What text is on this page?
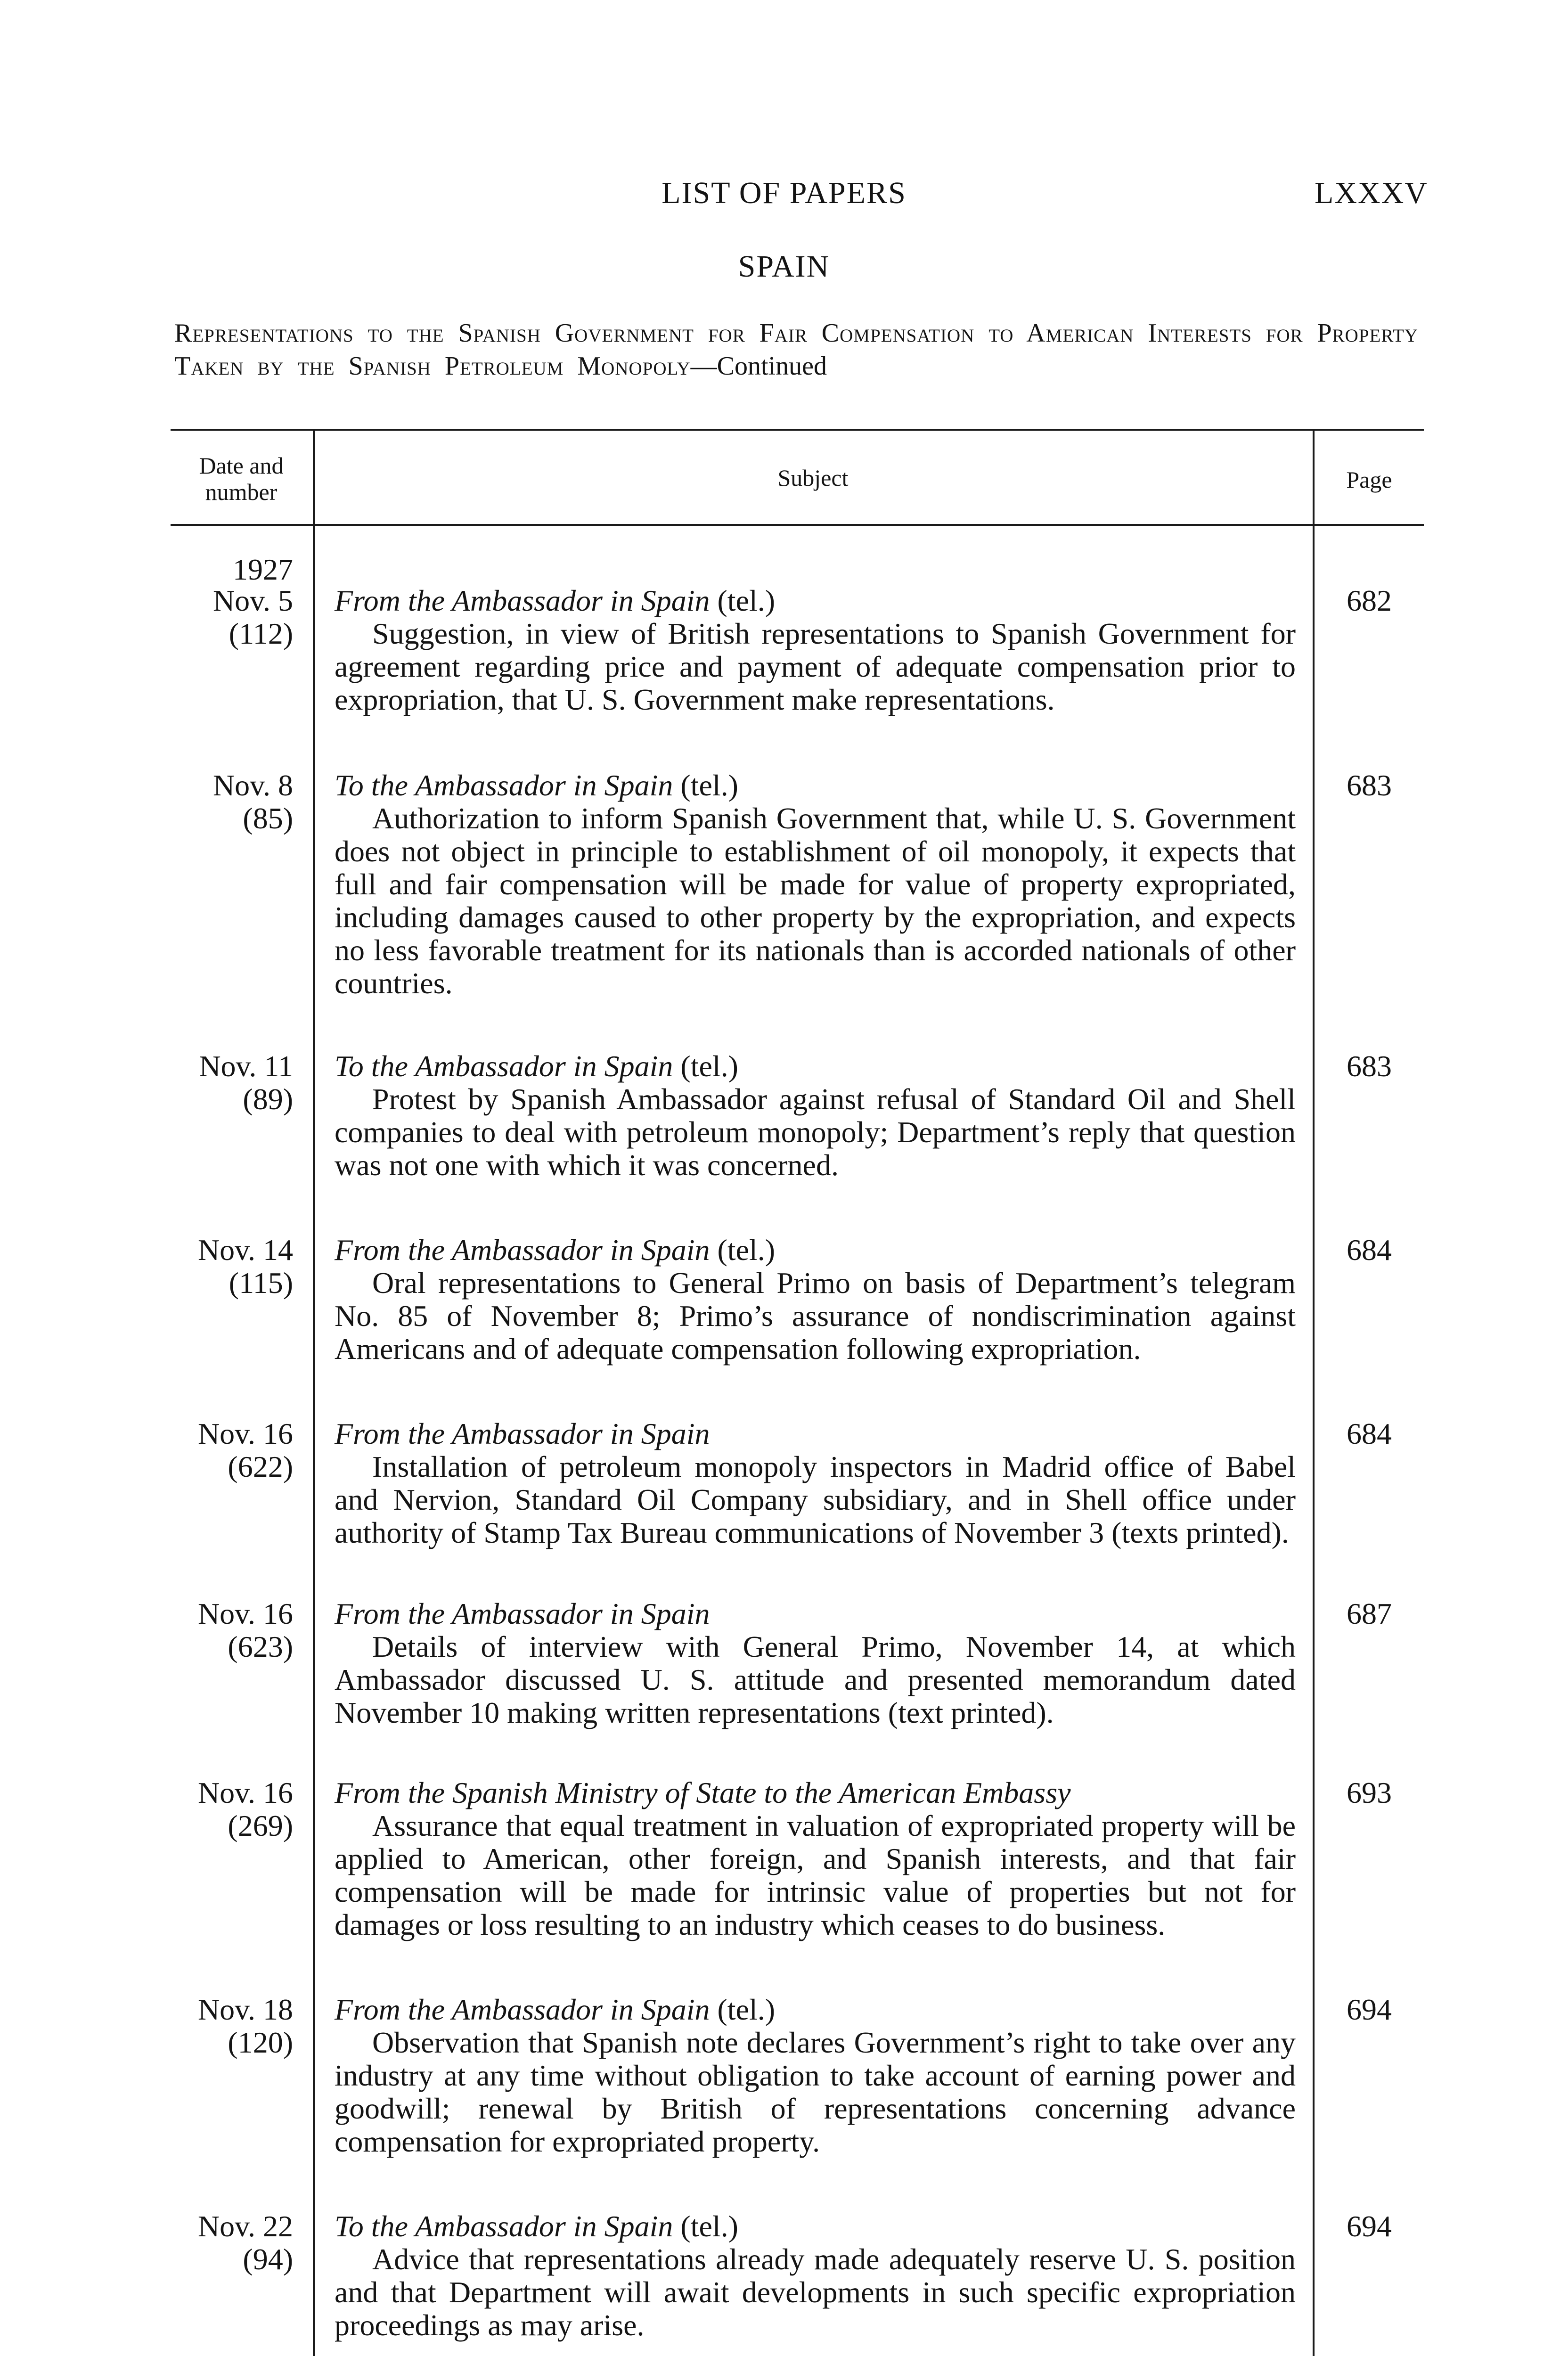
LIST OF PAPERS	LXXXV
SPAIN
Representations to the Spanish Government for Fair Compensation to American Interests for Property Taken by the Spanish Petroleum Monopoly—Continued
Date and number
Subject	Page
1927
Nov. 5
(112)
From the Ambassador in Spain (tel.)
Suggestion, in view of British representations to Spanish Government for agreement regarding price and payment of adequate compensation prior to expropriation, that U. S. Government make representations.
682
Nov. 8
(85)
To the Ambassador in Spain (tel.)
Authorization to inform Spanish Government that, while U. S. Government does not object in principle to establishment of oil monopoly, it expects that full and fair compensation will be made for value of property expropriated, including damages caused to other property by the expropriation, and expects no less favorable treatment for its nationals than is accorded nationals of other countries.
683
Nov. 11
(89)
To the Ambassador in Spain (tel.)
Protest by Spanish Ambassador against refusal of Standard Oil and Shell companies to deal with petroleum monopoly; Department’s reply that question was not one with which it was concerned.
683
Nov. 14
(115)
From the Ambassador in Spain (tel.)
Oral representations to General Primo on basis of Department’s telegram No. 85 of November 8; Primo’s assurance of nondiscrimination against Americans and of adequate compensation following expropriation.
684
Nov. 16
(622)
From the Ambassador in Spain
Installation of petroleum monopoly inspectors in Madrid office of Babel and Nervion, Standard Oil Company subsidiary, and in Shell office under authority of Stamp Tax Bureau communications of November 3 (texts printed).
684
Nov. 16
(623)
From the Ambassador in Spain
Details of interview with General Primo, November 14, at which Ambassador discussed U. S. attitude and presented memorandum dated November 10 making written representations (text printed).
687
Nov. 16
(269)
From the Spanish Ministry of State to the American Embassy
Assurance that equal treatment in valuation of expropriated property will be applied to American, other foreign, and Spanish interests, and that fair compensation will be made for intrinsic value of properties but not for damages or loss resulting to an industry which ceases to do business.
693
Nov. 18
(120)
From the Ambassador in Spain (tel.)
Observation that Spanish note declares Government’s right to take over any industry at any time without obligation to take account of earning power and goodwill; renewal by British of representations concerning advance compensation for expropriated property.
694
Nov. 22
(94)
To the Ambassador in Spain (tel.)
Advice that representations already made adequately reserve U. S. position and that Department will await developments in such specific expropriation proceedings as may arise.
694
